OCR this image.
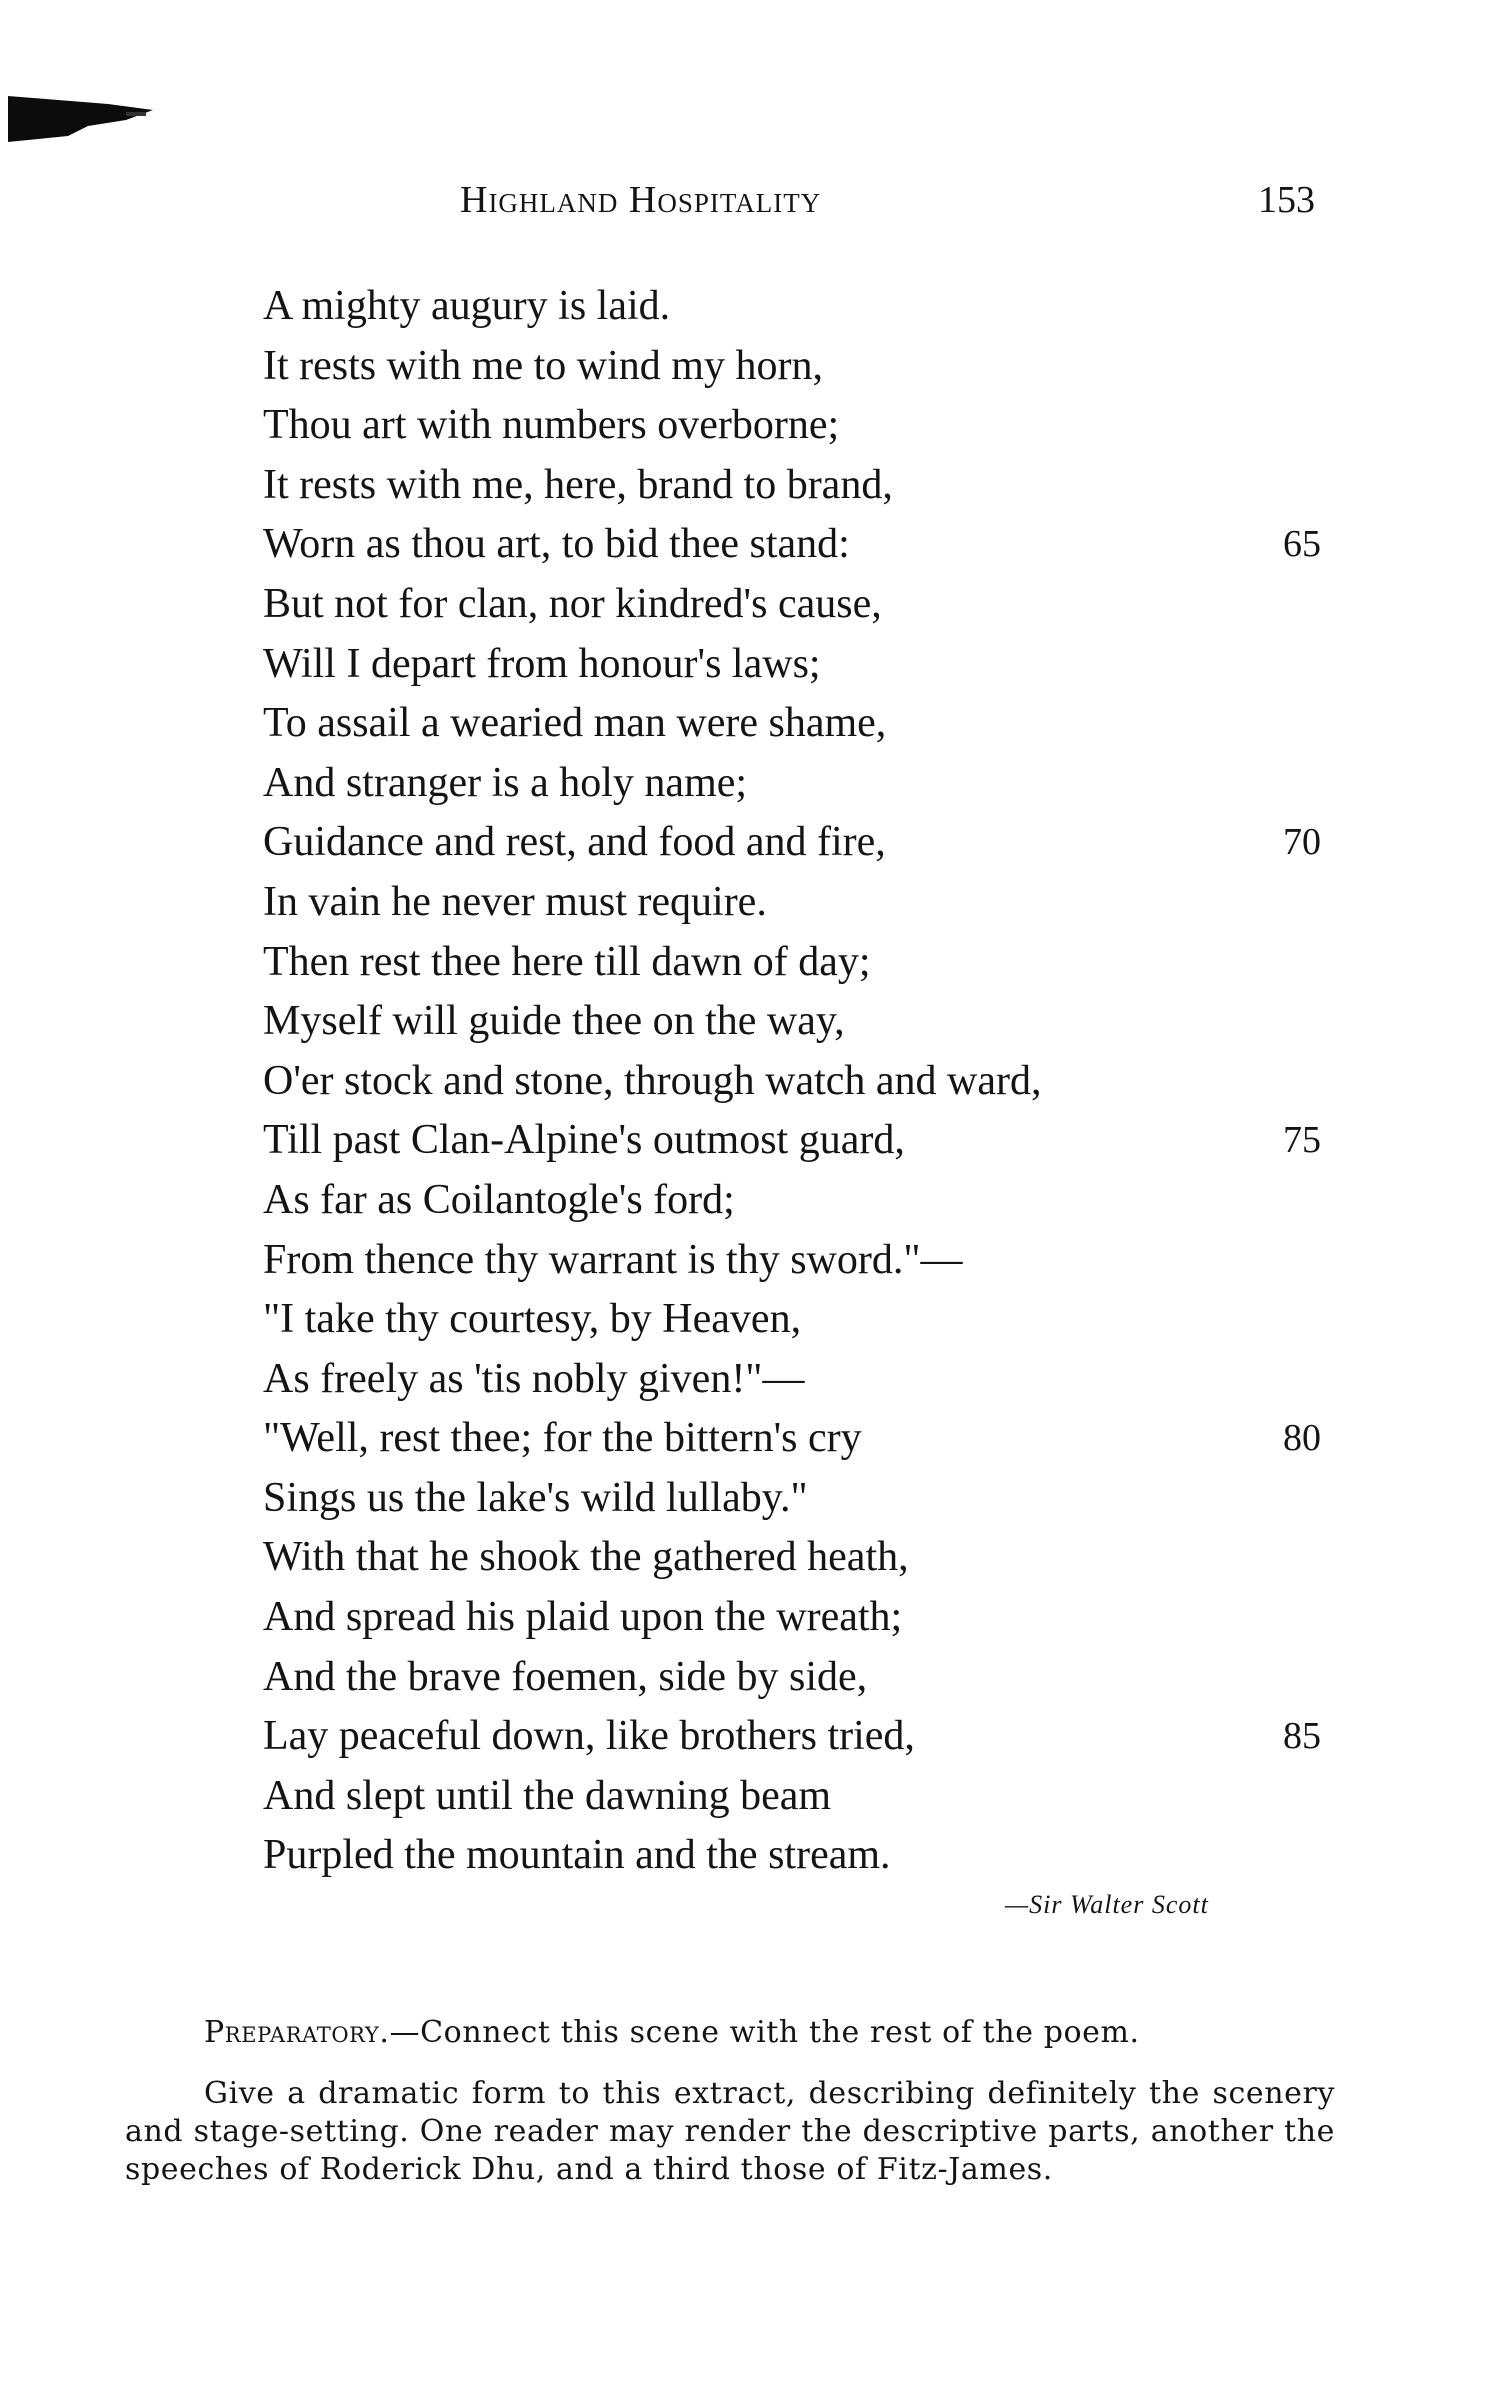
Highland Hospitality	153
A mighty augury is laid.
It rests with me to wind my horn,
Thou art with numbers overborne;
It rests with me, here, brand to brand,
Worn as thou art, to bid thee stand:	65
But not for clan, nor kindred's cause,
Will I depart from honour's laws;
To assail a wearied man were shame,
And stranger is a holy name;
Guidance and rest, and food and fire,	70
In vain he never must require.
Then rest thee here till dawn of day;
Myself will guide thee on the way,
O'er stock and stone, through watch and ward,
Till past Clan-Alpine's outmost guard,	75
As far as Coilantogle's ford;
From thence thy warrant is thy sword."—
"I take thy courtesy, by Heaven,
As freely as 'tis nobly given!"—
"Well, rest thee; for the bittern's cry	80
Sings us the lake's wild lullaby."
With that he shook the gathered heath,
And spread his plaid upon the wreath;
And the brave foemen, side by side,
Lay peaceful down, like brothers tried,	85
And slept until the dawning beam
Purpled the mountain and the stream.
—Sir Walter Scott

Preparatory.—Connect this scene with the rest of the poem.

Give a dramatic form to this extract, describing definitely the scenery and stage-setting. One reader may render the descriptive parts, another the speeches of Roderick Dhu, and a third those of Fitz-James.
